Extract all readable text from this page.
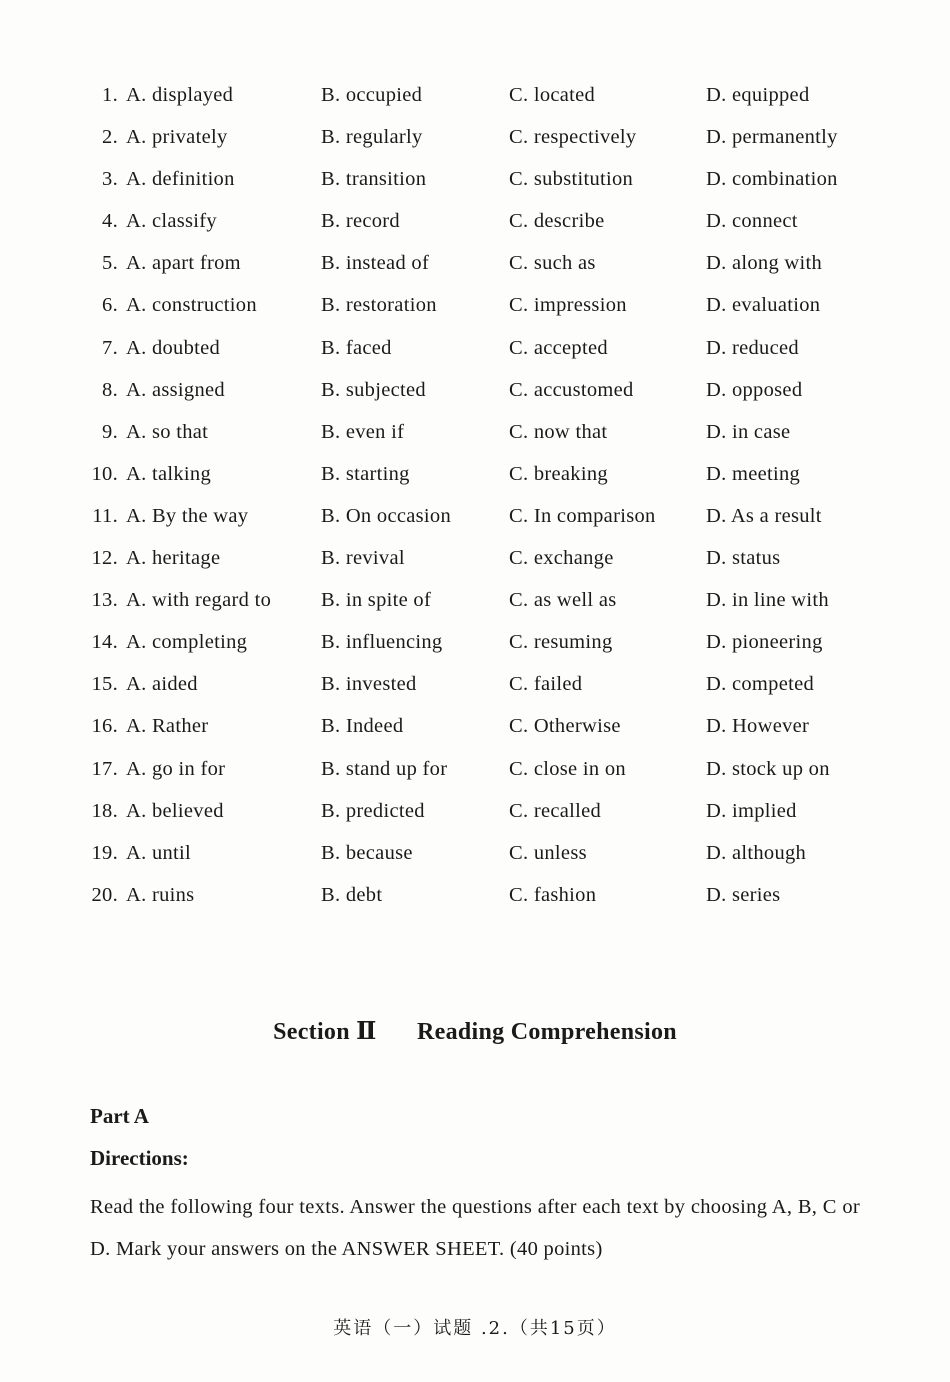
1. A. displayed	B. occupied	C. located	D. equipped
2. A. privately	B. regularly	C. respectively	D. permanently
3. A. definition	B. transition	C. substitution	D. combination
4. A. classify	B. record	C. describe	D. connect
5. A. apart from	B. instead of	C. such as	D. along with
6. A. construction	B. restoration	C. impression	D. evaluation
7. A. doubted	B. faced	C. accepted	D. reduced
8. A. assigned	B. subjected	C. accustomed	D. opposed
9. A. so that	B. even if	C. now that	D. in case
10. A. talking	B. starting	C. breaking	D. meeting
11. A. By the way	B. On occasion	C. In comparison D. As a result
12. A. heritage	B. revival	C. exchange	D. status
13. A. with regard to B. in spite of	C. as well as	D. in line with
14. A. completing	B. influencing	C. resuming	D. pioneering
15. A. aided	B. invested	C. failed	D. competed
16. A. Rather	B. Indeed	C. Otherwise	D. However
17. A. go in for	B. stand up for	C. close in on	D. stock up on
18. A. believed	B. predicted	C. recalled	D. implied
19. A. until	B. because	C. unless	D. although
20. A. ruins	B. debt	C. fashion	D. series
Section Ⅱ Reading Comprehension
Part A
Directions:
Read the following four texts. Answer the questions after each text by choosing A, B, C or D. Mark your answers on the ANSWER SHEET. (40 points)
英语（一）试题 .2.（共15页）
